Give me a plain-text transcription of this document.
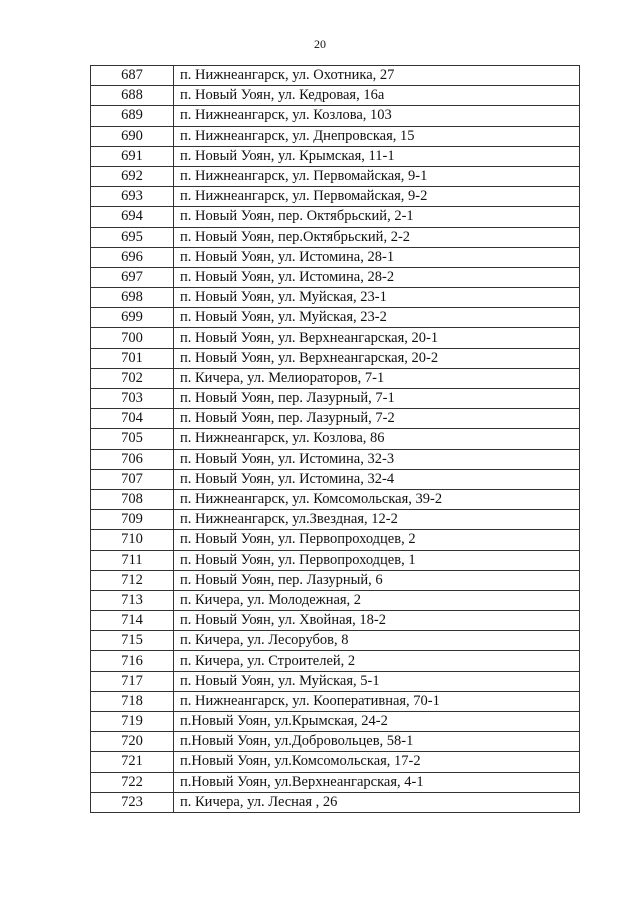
20
687	п. Нижнеангарск, ул. Охотника, 27
688	п. Новый Уоян, ул. Кедровая, 16а
689	п. Нижнеангарск, ул. Козлова, 103
690	п. Нижнеангарск, ул. Днепровская, 15
691	п. Новый Уоян, ул. Крымская, 11-1
692	п. Нижнеангарск, ул. Первомайская, 9-1
693	п. Нижнеангарск, ул. Первомайская, 9-2
694	п. Новый Уоян, пер. Октябрьский, 2-1
695	п. Новый Уоян, пер.Октябрьский, 2-2
696	п. Новый Уоян, ул. Истомина, 28-1
697	п. Новый Уоян, ул. Истомина, 28-2
698	п. Новый Уоян, ул. Муйская, 23-1
699	п. Новый Уоян, ул. Муйская, 23-2
700	п. Новый Уоян, ул. Верхнеангарская, 20-1
701	п. Новый Уоян, ул. Верхнеангарская, 20-2
702	п. Кичера, ул. Мелиораторов, 7-1
703	п. Новый Уоян, пер. Лазурный, 7-1
704	п. Новый Уоян, пер. Лазурный, 7-2
705	п. Нижнеангарск, ул. Козлова, 86
706	п. Новый Уоян, ул. Истомина, 32-3
707	п. Новый Уоян, ул. Истомина, 32-4
708	п. Нижнеангарск, ул. Комсомольская, 39-2
709	п. Нижнеангарск, ул.Звездная, 12-2
710	п. Новый Уоян, ул. Первопроходцев, 2
711	п. Новый Уоян, ул. Первопроходцев, 1
712	п. Новый Уоян, пер. Лазурный, 6
713	п. Кичера, ул. Молодежная, 2
714	п. Новый Уоян, ул. Хвойная, 18-2
715	п. Кичера, ул. Лесорубов, 8
716	п. Кичера, ул. Строителей, 2
717	п. Новый Уоян, ул. Муйская, 5-1
718	п. Нижнеангарск, ул. Кооперативная, 70-1
719	п.Новый Уоян, ул.Крымская, 24-2
720	п.Новый Уоян, ул.Добровольцев, 58-1
721	п.Новый Уоян, ул.Комсомольская, 17-2
722	п.Новый Уоян, ул.Верхнеангарская, 4-1
723	п. Кичера, ул. Лесная , 26
